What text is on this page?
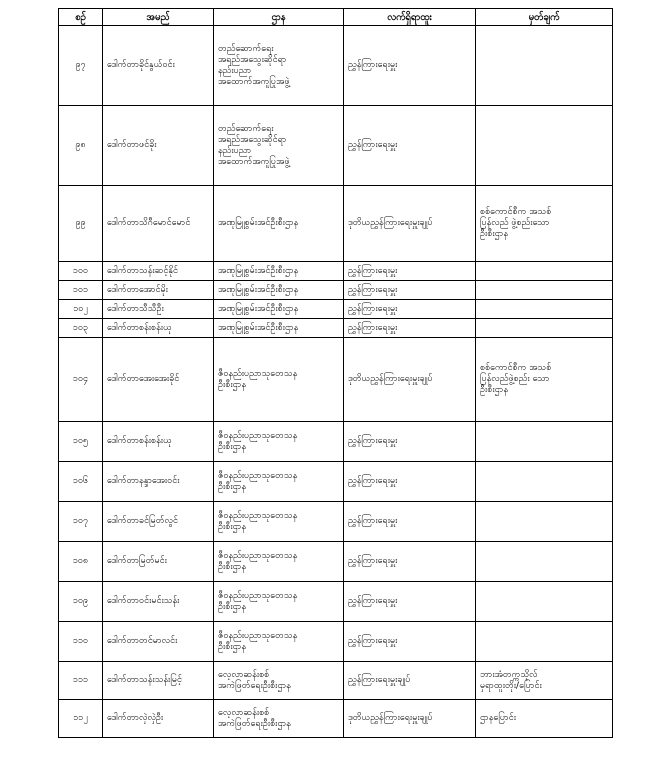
စဉ်	အမည်	ဌာန	လက်ရှိရာထူး	မှတ်ချက်
၉၇	ဒေါက်တာခိုင်နွယ်ဝင်း	တည်ဆောက်ရေး
အရည်အသွေးဆိုင်ရာ
နည်းပညာ
အထောက်အကူပြုအဖွဲ့	ညွှန်ကြားရေးမှူး	
၉၈	ဒေါက်တာဖင်ခိုး	တည်ဆောက်ရေး
အရည်အသွေးဆိုင်ရာ
နည်းပညာ
အထောက်အကူပြုအဖွဲ့	ညွှန်ကြားရေးမှူး	
၉၉	ဒေါက်တာသိဂီမောင်မောင်	အဏုမြူစွမ်းအင်ဦးစီးဌာန	ဒုတိယညွှန်ကြားရေးမှူးချုပ်	စစ်ကောင်စီက အသစ်
ပြန်လည် ဖွဲ့စည်းသော
ဦးစီးဌာန
၁၀၀	ဒေါက်တာသန်းဆင့်နိုင်	အဏုမြူစွမ်းအင်ဦးစီးဌာန	ညွှန်ကြားရေးမှူး	
၁၀၁	ဒေါက်တာအောင်မိုး	အဏုမြူစွမ်းအင်ဦးစီးဌာန	ညွှန်ကြားရေးမှူး	
၁၀၂	ဒေါက်တာသီသီဦး	အဏုမြူစွမ်းအင်ဦးစီးဌာန	ညွှန်ကြားရေးမှူး	
၁၀၃	ဒေါက်တာစန်းစန်းယု	အဏုမြူစွမ်းအင်ဦးစီးဌာန	ညွှန်ကြားရေးမှူး	
၁၀၄	ဒေါက်တာအေးအေးခိုင်	ဇီဝနည်းပညာသုတေသန
ဦးစီးဌာန	ဒုတိယညွှန်ကြားရေးမှူးချုပ်	စစ်ကောင်စီက အသစ်
ပြန်လည်ဖွဲ့စည်း သော
ဦးစီးဌာန
၁၀၅	ဒေါက်တာစန်းစန်းယု	ဇီဝနည်းပညာသုတေသန
ဦးစီးဌာန	ညွှန်ကြားရေးမှူး	
၁၀၆	ဒေါက်တာနန္ဒာအေးဝင်း	ဇီဝနည်းပညာသုတေသန
ဦးစီးဌာန	ညွှန်ကြားရေးမှူး	
၁၀၇	ဒေါက်တာခင်မြတ်လွင်	ဇီဝနည်းပညာသုတေသန
ဦးစီးဌာန	ညွှန်ကြားရေးမှူး	
၁၀၈	ဒေါက်တာမြတ်မင်း	ဇီဝနည်းပညာသုတေသန
ဦးစီးဌာန	ညွှန်ကြားရေးမှူး	
၁၀၉	ဒေါက်တာဝင်းမင်းသန်း	ဇီဝနည်းပညာသုတေသန
ဦးစီးဌာန	ညွှန်ကြားရေးမှူး	
၁၁၀	ဒေါက်တာတင်မာလင်း	ဇီဝနည်းပညာသုတေသန
ဦးစီးဌာန	ညွှန်ကြားရေးမှူး	
၁၁၁	ဒေါက်တာသန်းသန်းမြင့်	လေ့လာဆန်းစစ်
အကဲဖြတ်ရေးဦးစီးဌာန	ညွှန်ကြားရေးမှူးချုပ်	ဘားအံတက္ကသိုလ်
မှရာထူးတိုး/ပြောင်း
၁၁၂	ဒေါက်တာလှဲလှဲဦး	လေ့လာဆန်းစစ်
အကဲဖြတ်ရေးဦးစီးဌာန	ဒုတိယညွှန်ကြားရေးမှူးချုပ်	ဌာနပြောင်း
